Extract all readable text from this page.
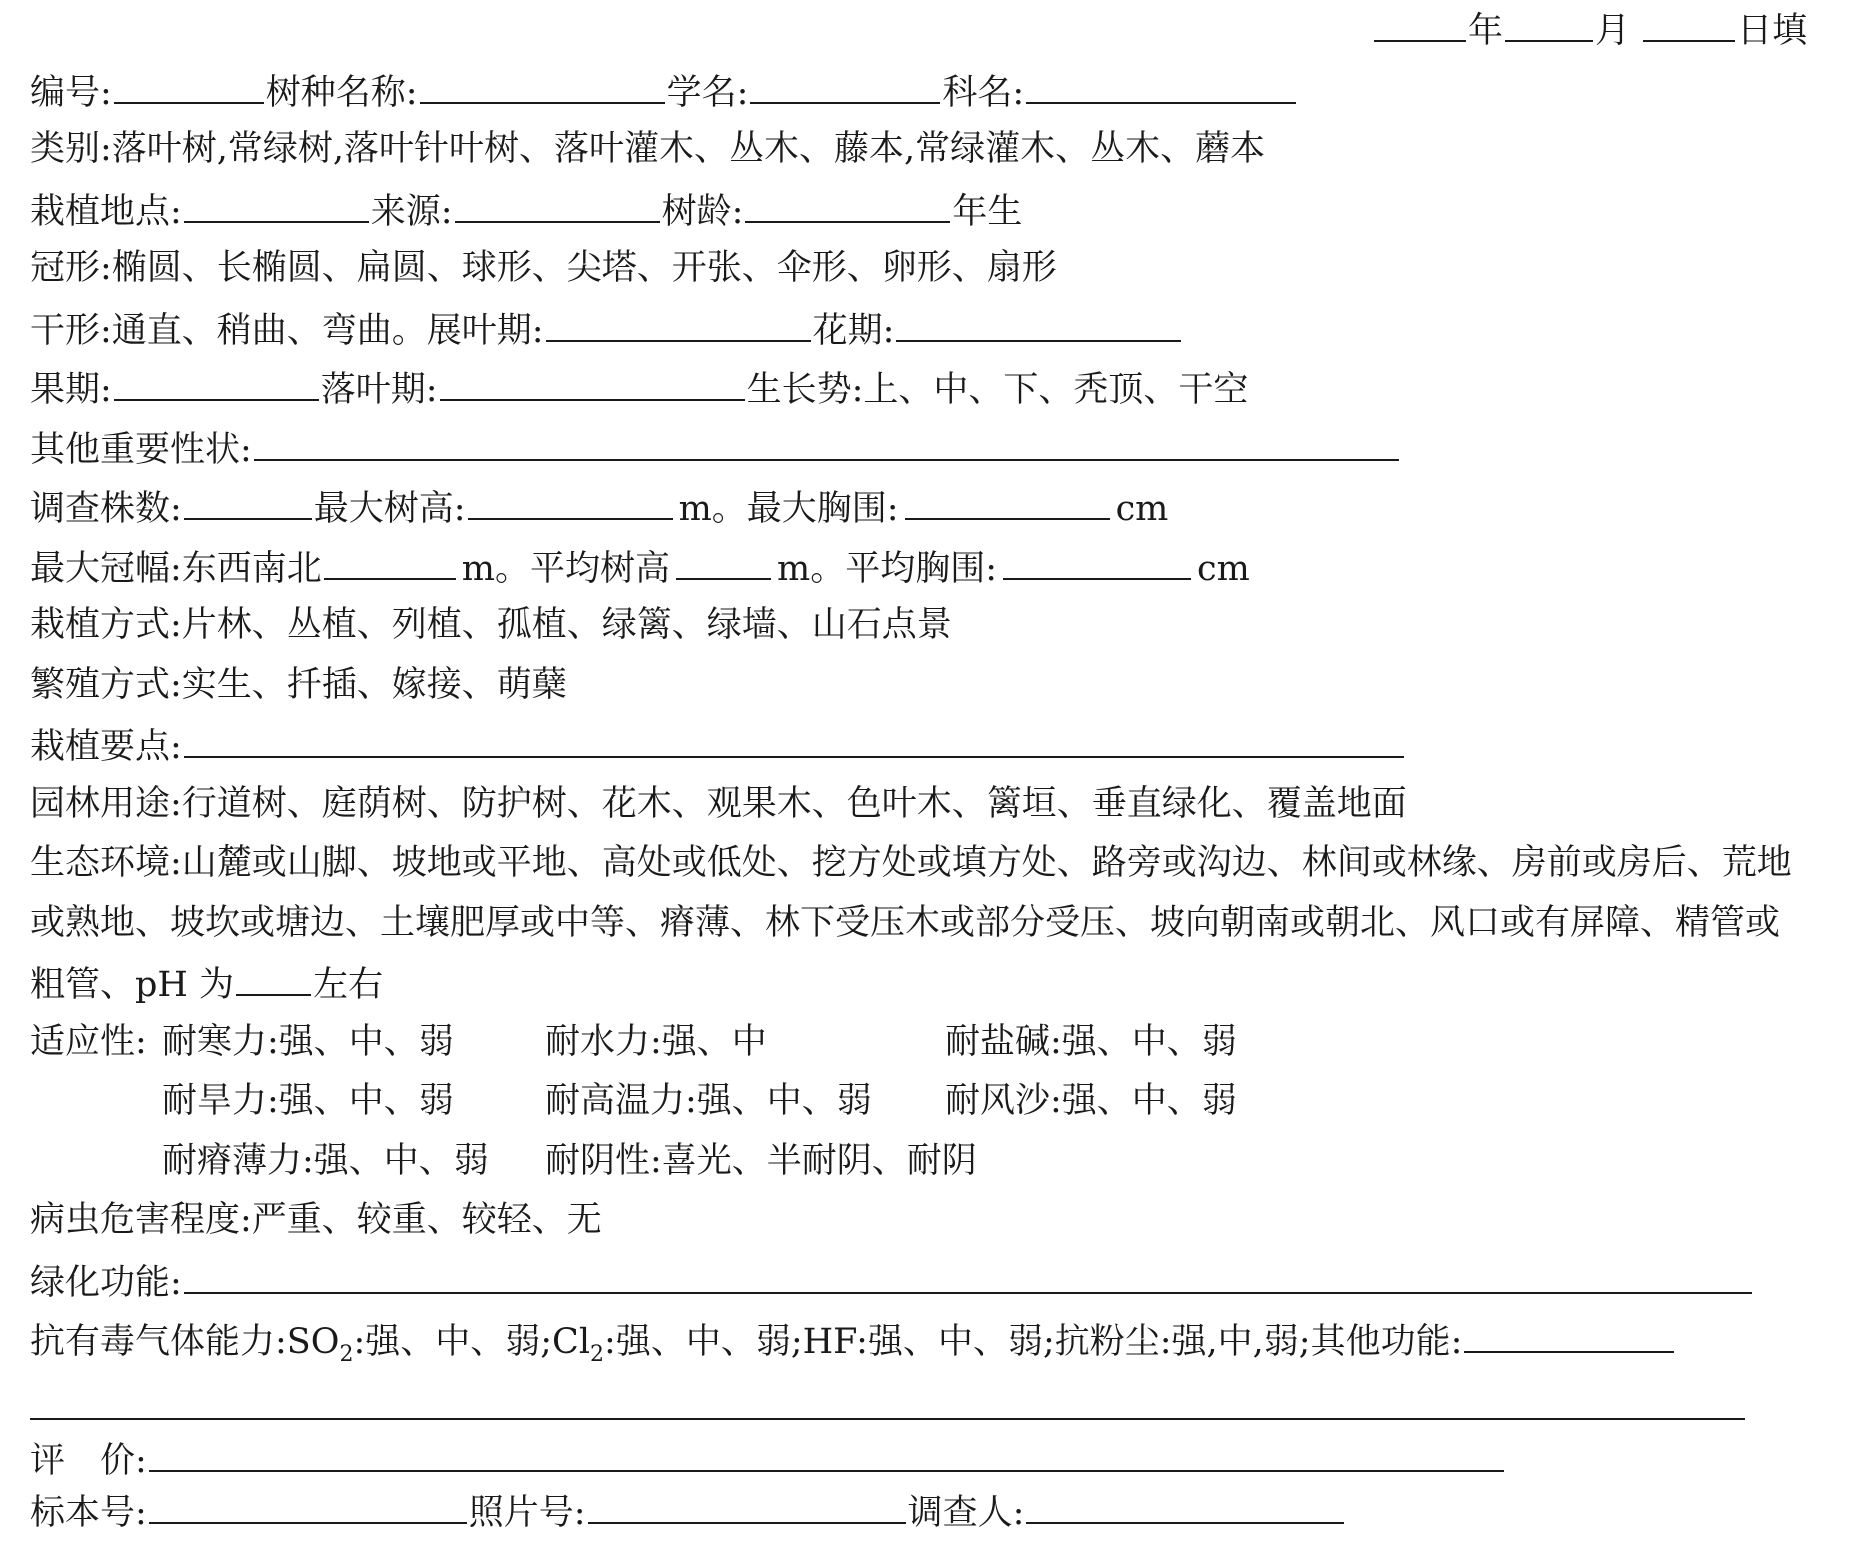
年	月	日填
编号:	树种名称:	学名:	科名:
类别:落叶树,常绿树,落叶针叶树、落叶灌木、丛木、藤本,常绿灌木、丛木、蘑本
栽植地点:	来源:	树龄:	年生
冠形:椭圆、长椭圆、扁圆、球形、尖塔、开张、伞形、卵形、扇形
干形:通直、稍曲、弯曲。展叶期:	花期:
果期:	落叶期:	生长势:上、中、下、秃顶、干空
其他重要性状:
调查株数:	最大树高:	m。最大胸围:	cm
最大冠幅:东西南北	m。平均树高	m。平均胸围:	cm
栽植方式:片林、丛植、列植、孤植、绿篱、绿墙、山石点景
繁殖方式:实生、扦插、嫁接、萌蘖
栽植要点:
园林用途:行道树、庭荫树、防护树、花木、观果木、色叶木、篱垣、垂直绿化、覆盖地面
生态环境:山麓或山脚、坡地或平地、高处或低处、挖方处或填方处、路旁或沟边、林间或林缘、房前或房后、荒地
或熟地、坡坎或塘边、土壤肥厚或中等、瘠薄、林下受压木或部分受压、坡向朝南或朝北、风口或有屏障、精管或
粗管、pH 为 左右
适应性: 耐寒力:强、中、弱	耐水力:强、中	耐盐碱:强、中、弱
耐旱力:强、中、弱	耐高温力:强、中、弱 耐风沙:强、中、弱
耐瘠薄力:强、中、弱 耐阴性:喜光、半耐阴、耐阴
病虫危害程度:严重、较重、较轻、无
绿化功能:
抗有毒气体能力$:SO_2$:强、中、弱$;Cl_2$:强、中、弱;HF:强、中、弱;抗粉尘:强,中,弱;其他功能:
评　价:
标本号:	照片号:	调查人:
